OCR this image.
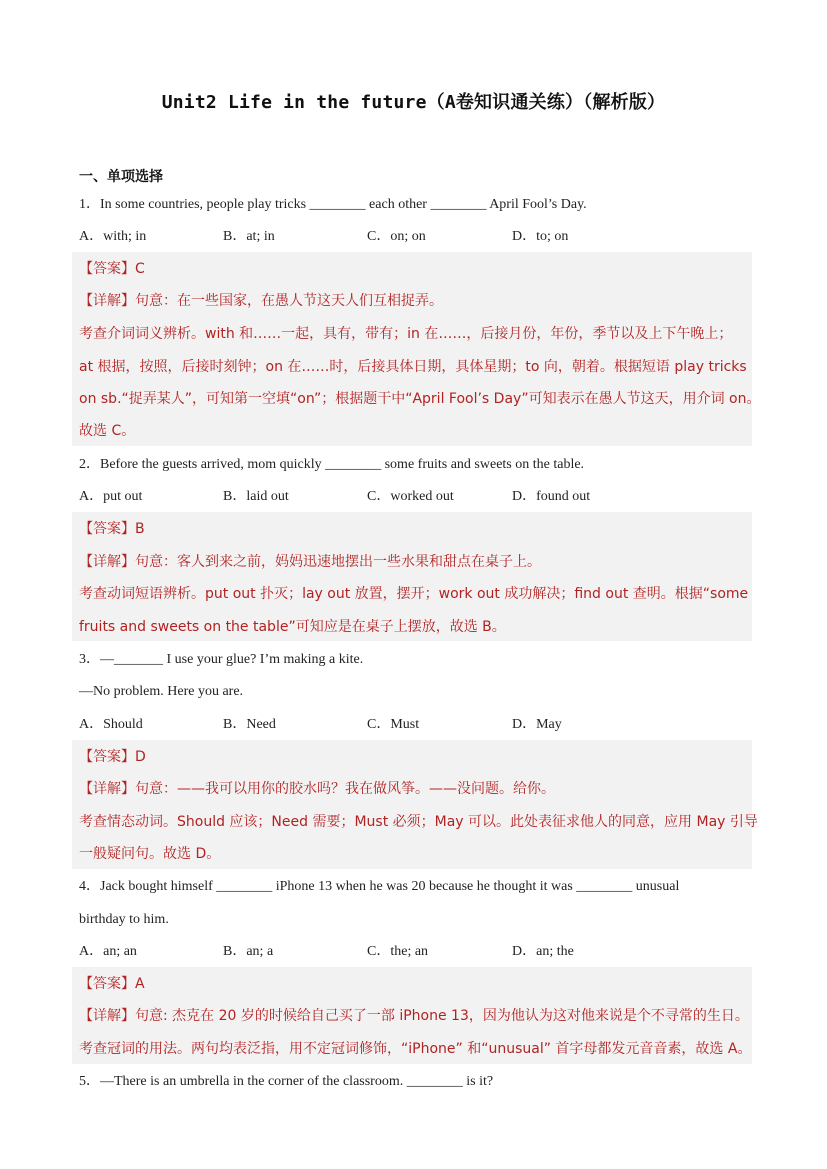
Unit2 Life in the future（A卷知识通关练）（解析版）
一、单项选择
1．In some countries, people play tricks ________ each other ________ April Fool’s Day.
A．with; in	B．at; in	C．on; on	D．to; on
【答案】C
【详解】句意：在一些国家，在愚人节这天人们互相捉弄。
考查介词词义辨析。with 和……一起，具有，带有；in 在……，后接月份，年份，季节以及上下午晚上；
at 根据，按照，后接时刻钟；on 在……时，后接具体日期，具体星期；to 向，朝着。根据短语 play tricks
on sb.“捉弄某人”，可知第一空填“on”；根据题干中“April Fool’s Day”可知表示在愚人节这天，用介词 on。
故选 C。
2．Before the guests arrived, mom quickly ________ some fruits and sweets on the table.
A．put out	B．laid out	C．worked out	D．found out
【答案】B
【详解】句意：客人到来之前，妈妈迅速地摆出一些水果和甜点在桌子上。
考查动词短语辨析。put out 扑灭；lay out 放置，摆开；work out 成功解决；find out 查明。根据“some
fruits and sweets on the table”可知应是在桌子上摆放，故选 B。
3．—_______ I use your glue? I’m making a kite.
—No problem. Here you are.
A．Should	B．Need	C．Must	D．May
【答案】D
【详解】句意：——我可以用你的胶水吗？我在做风筝。——没问题。给你。
考查情态动词。Should 应该；Need 需要；Must 必须；May 可以。此处表征求他人的同意，应用 May 引导
一般疑问句。故选 D。
4．Jack bought himself ________ iPhone 13 when he was 20 because he thought it was ________ unusual
birthday to him.
A．an; an	B．an; a	C．the; an	D．an; the
【答案】A
【详解】句意: 杰克在 20 岁的时候给自己买了一部 iPhone 13，因为他认为这对他来说是个不寻常的生日。
考查冠词的用法。两句均表泛指，用不定冠词修饰，“iPhone” 和“unusual” 首字母都发元音音素，故选 A。
5．—There is an umbrella in the corner of the classroom. ________ is it?
